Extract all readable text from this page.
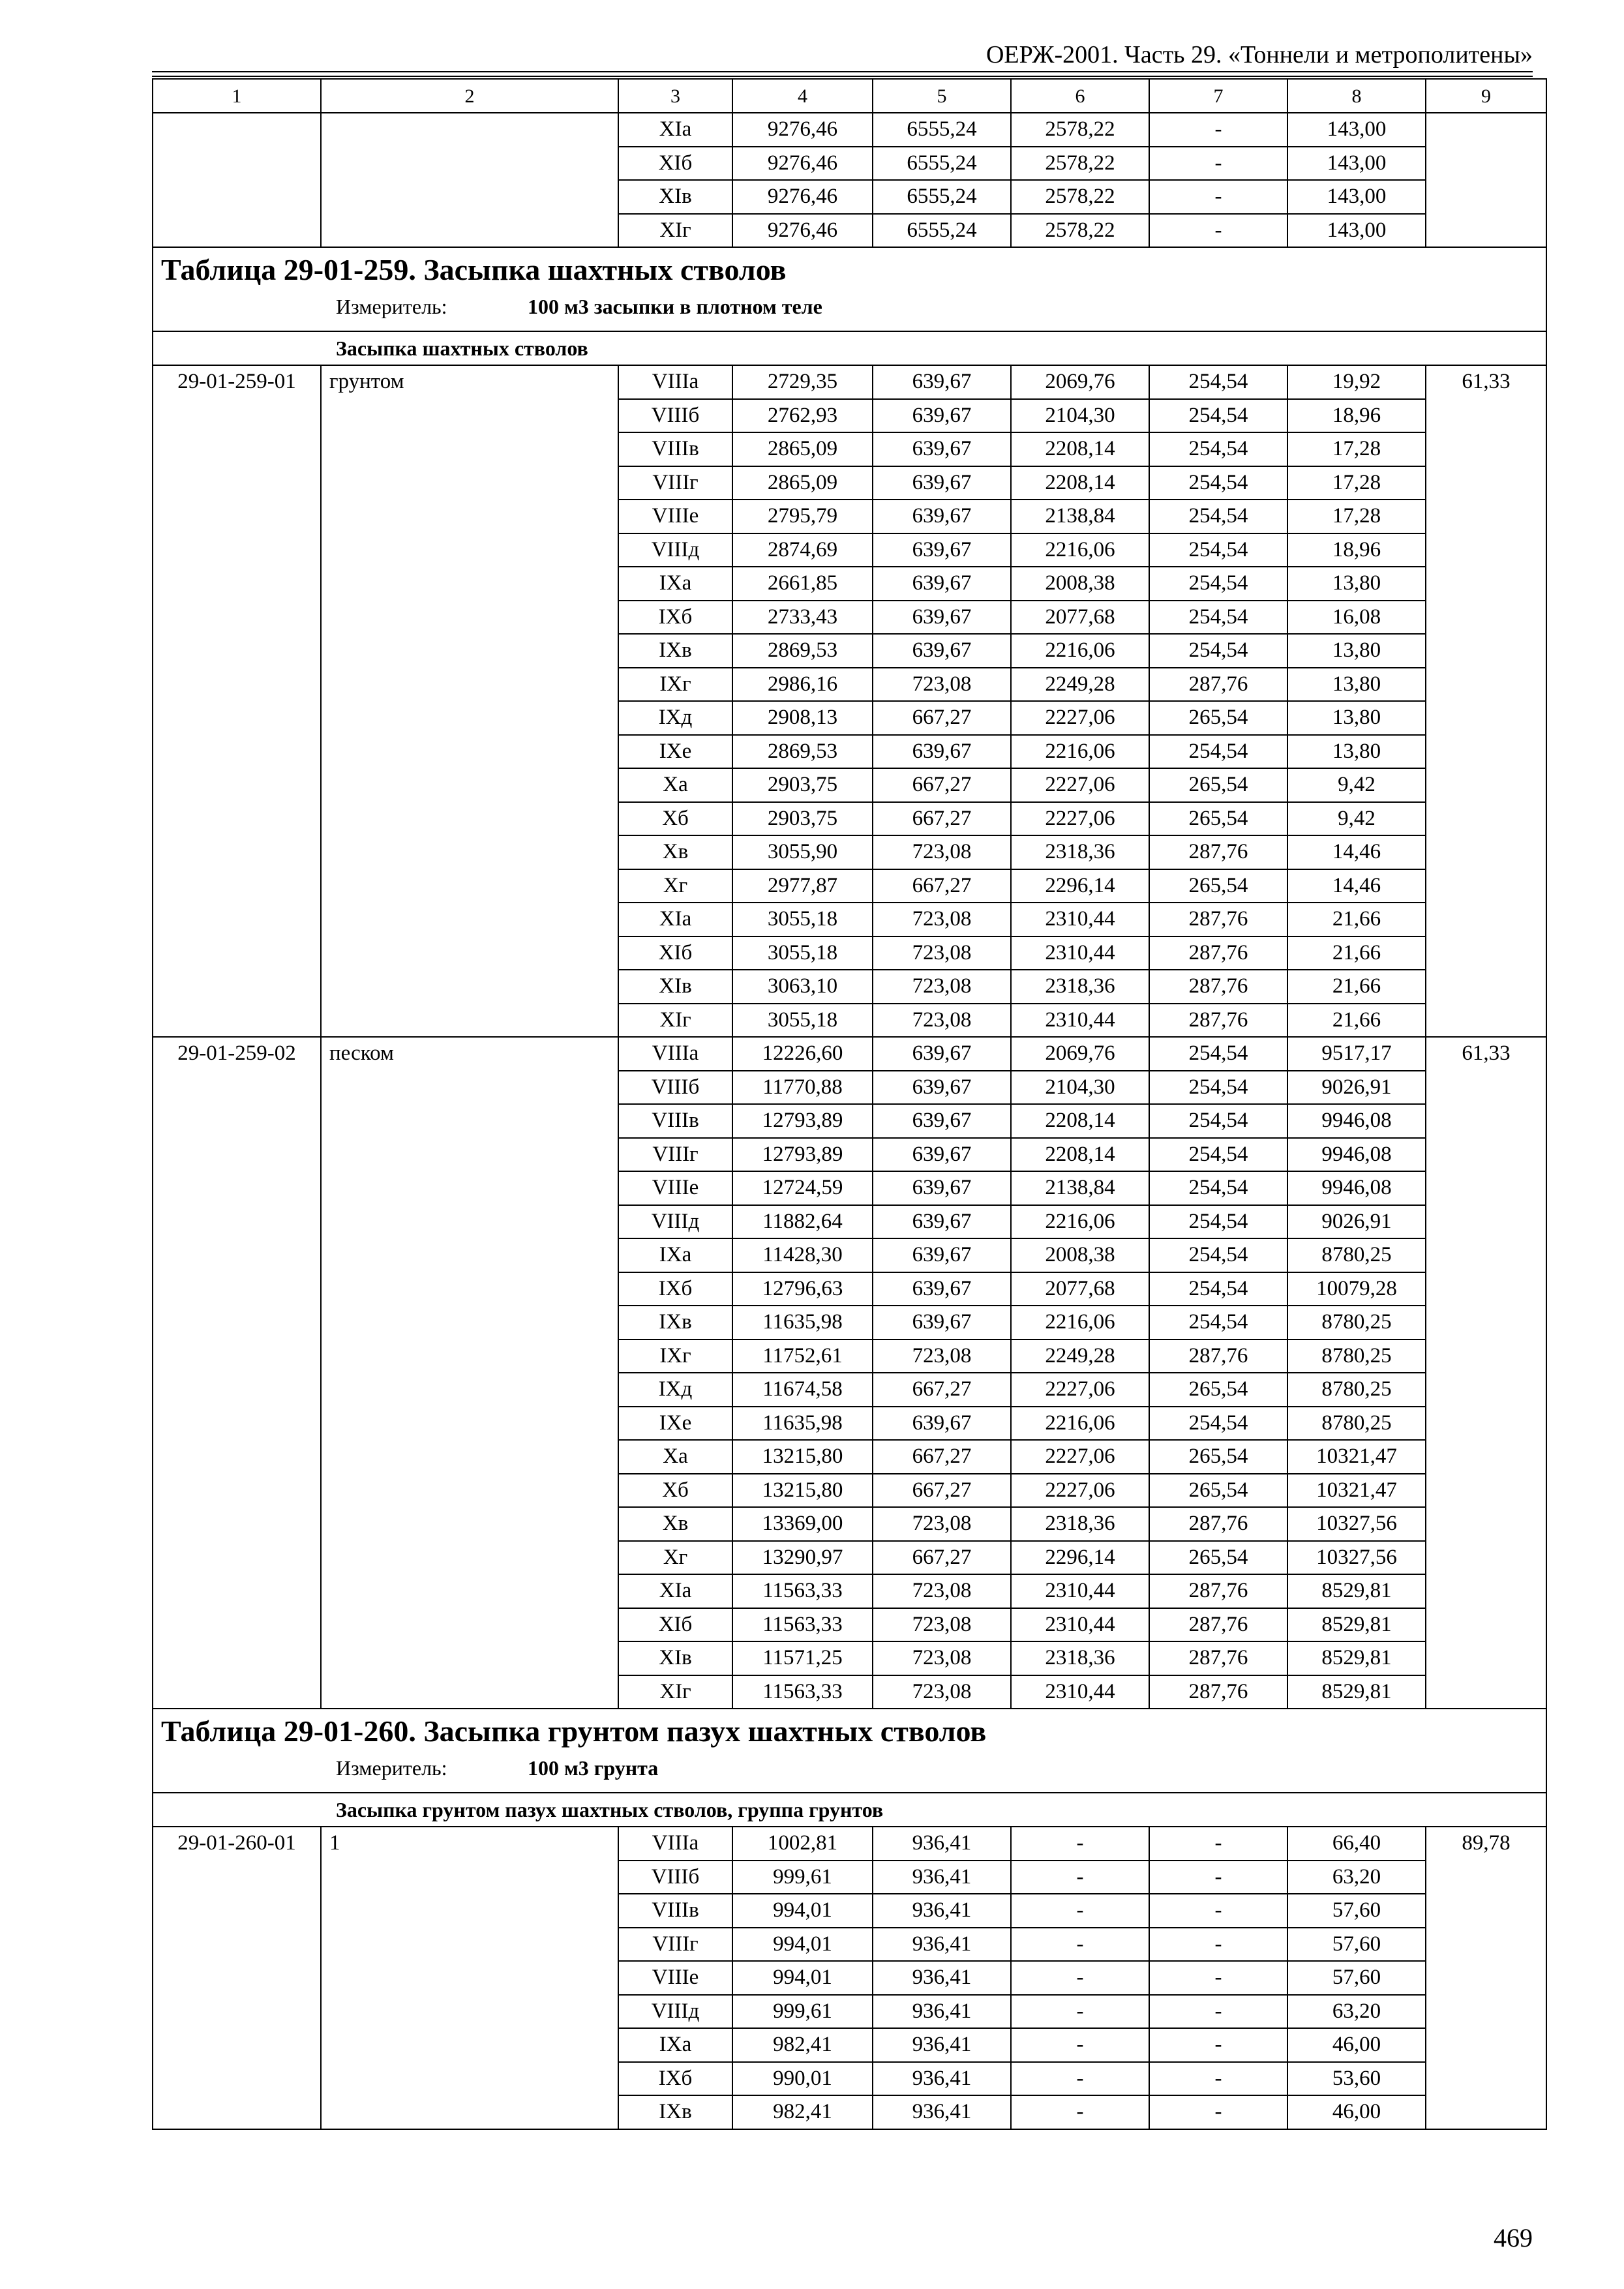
ОЕРЖ-2001. Часть 29. «Тоннели и метрополитены»
1	2	3	4	5	6	7	8	9
		XIа	9276,46	6555,24	2578,22	-	143,00	
		XIб	9276,46	6555,24	2578,22	-	143,00	
		XIв	9276,46	6555,24	2578,22	-	143,00	
		XIг	9276,46	6555,24	2578,22	-	143,00	

Таблица 29-01-259. Засыпка шахтных стволов
Измеритель: 100 м3 засыпки в плотном теле								

Засыпка шахтных стволов								
29-01-259-01	грунтом	VIIIа	2729,35	639,67	2069,76	254,54	19,92	61,33
		VIIIб	2762,93	639,67	2104,30	254,54	18,96	
		VIIIв	2865,09	639,67	2208,14	254,54	17,28	
		VIIIг	2865,09	639,67	2208,14	254,54	17,28	
		VIIIе	2795,79	639,67	2138,84	254,54	17,28	
		VIIIд	2874,69	639,67	2216,06	254,54	18,96	
		IXа	2661,85	639,67	2008,38	254,54	13,80	
		IXб	2733,43	639,67	2077,68	254,54	16,08	
		IXв	2869,53	639,67	2216,06	254,54	13,80	
		IXг	2986,16	723,08	2249,28	287,76	13,80	
		IXд	2908,13	667,27	2227,06	265,54	13,80	
		IXе	2869,53	639,67	2216,06	254,54	13,80	
		Xа	2903,75	667,27	2227,06	265,54	9,42	
		Xб	2903,75	667,27	2227,06	265,54	9,42	
		Xв	3055,90	723,08	2318,36	287,76	14,46	
		Xг	2977,87	667,27	2296,14	265,54	14,46	
		XIа	3055,18	723,08	2310,44	287,76	21,66	
		XIб	3055,18	723,08	2310,44	287,76	21,66	
		XIв	3063,10	723,08	2318,36	287,76	21,66	
		XIг	3055,18	723,08	2310,44	287,76	21,66	
29-01-259-02	песком	VIIIа	12226,60	639,67	2069,76	254,54	9517,17	61,33
		VIIIб	11770,88	639,67	2104,30	254,54	9026,91	
		VIIIв	12793,89	639,67	2208,14	254,54	9946,08	
		VIIIг	12793,89	639,67	2208,14	254,54	9946,08	
		VIIIе	12724,59	639,67	2138,84	254,54	9946,08	
		VIIIд	11882,64	639,67	2216,06	254,54	9026,91	
		IXа	11428,30	639,67	2008,38	254,54	8780,25	
		IXб	12796,63	639,67	2077,68	254,54	10079,28	
		IXв	11635,98	639,67	2216,06	254,54	8780,25	
		IXг	11752,61	723,08	2249,28	287,76	8780,25	
		IXд	11674,58	667,27	2227,06	265,54	8780,25	
		IXе	11635,98	639,67	2216,06	254,54	8780,25	
		Xа	13215,80	667,27	2227,06	265,54	10321,47	
		Xб	13215,80	667,27	2227,06	265,54	10321,47	
		Xв	13369,00	723,08	2318,36	287,76	10327,56	
		Xг	13290,97	667,27	2296,14	265,54	10327,56	
		XIа	11563,33	723,08	2310,44	287,76	8529,81	
		XIб	11563,33	723,08	2310,44	287,76	8529,81	
		XIв	11571,25	723,08	2318,36	287,76	8529,81	
		XIг	11563,33	723,08	2310,44	287,76	8529,81	

Таблица 29-01-260. Засыпка грунтом пазух шахтных стволов
Измеритель: 100 м3 грунта								

Засыпка грунтом пазух шахтных стволов, группа грунтов								
29-01-260-01	1	VIIIа	1002,81	936,41	-	-	66,40	89,78
		VIIIб	999,61	936,41	-	-	63,20	
		VIIIв	994,01	936,41	-	-	57,60	
		VIIIг	994,01	936,41	-	-	57,60	
		VIIIе	994,01	936,41	-	-	57,60	
		VIIIд	999,61	936,41	-	-	63,20	
		IXа	982,41	936,41	-	-	46,00	
		IXб	990,01	936,41	-	-	53,60	
		IXв	982,41	936,41	-	-	46,00	
469
